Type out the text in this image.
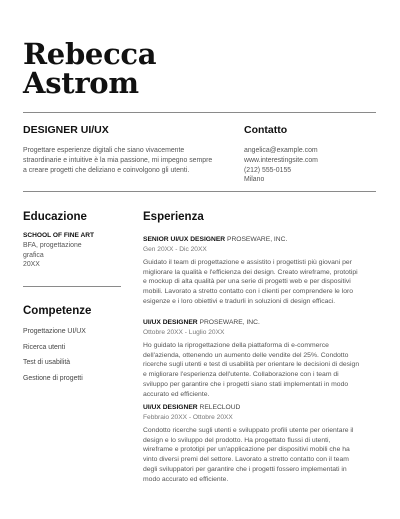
Rebecca
Astrom
DESIGNER UI/UX

Progettare esperienze digitali che siano vivacemente straordinarie e intuitive è la mia passione, mi impegno sempre a creare progetti che deliziano e coinvolgono gli utenti.

Contatto

angelica@example.com

www.interestingsite.com

(212) 555-0155

Milano

Educazione

SCHOOL OF FINE ART

BFA, progettazione grafica

20XX

Competenze
Progettazione UI/UX
Ricerca utenti
Test di usabilità
Gestione di progetti
Esperienza

SENIOR UI/UX DESIGNER PROSEWARE, INC.

Gen 20XX - Dic 20XX

Guidato il team di progettazione e assistito i progettisti più giovani per migliorare la qualità e l'efficienza dei design. Creato wireframe, prototipi e mockup di alta qualità per una serie di progetti web e per dispositivi mobili. Lavorato a stretto contatto con i clienti per comprendere le loro esigenze e i loro obiettivi e tradurli in soluzioni di design efficaci.

UI/UX DESIGNER PROSEWARE, INC.

Ottobre 20XX - Luglio 20XX

Ho guidato la riprogettazione della piattaforma di e-commerce dell'azienda, ottenendo un aumento delle vendite del 25%. Condotto ricerche sugli utenti e test di usabilità per orientare le decisioni di design e migliorare l'esperienza dell'utente. Collaborazione con i team di sviluppo per garantire che i progetti siano stati implementati in modo accurato ed efficiente.

UI/UX DESIGNER RELECLOUD

Febbraio 20XX - Ottobre 20XX

Condotto ricerche sugli utenti e sviluppato profili utente per orientare il design e lo sviluppo del prodotto. Ha progettato flussi di utenti, wireframe e prototipi per un'applicazione per dispositivi mobili che ha vinto diversi premi del settore. Lavorato a stretto contatto con il team degli sviluppatori per garantire che i progetti fossero implementati in modo accurato ed efficiente.
